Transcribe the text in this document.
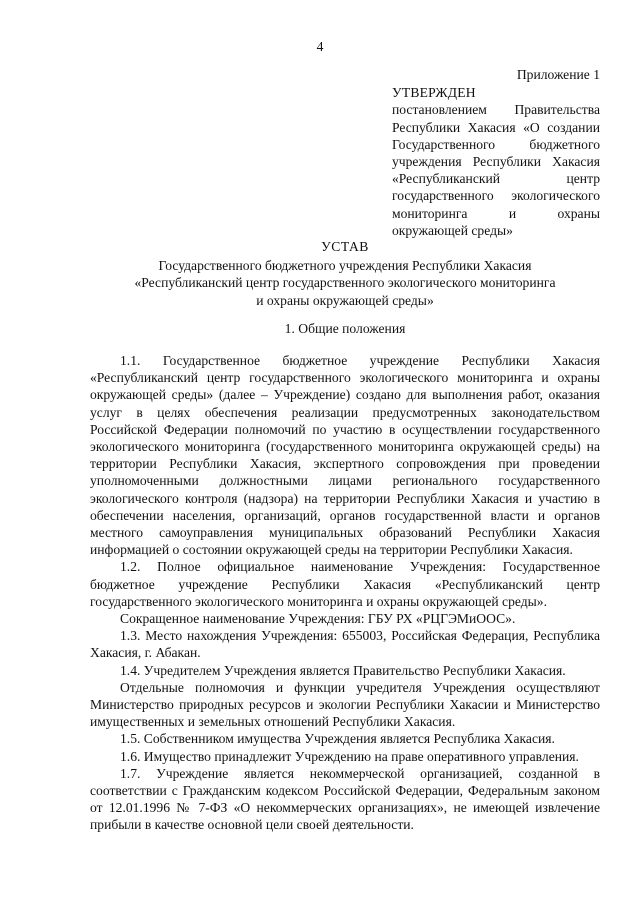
4
Приложение 1
УТВЕРЖДЕН
постановлением Правительства Республики Хакасия «О создании Государственного бюджетного учреждения Республики Хакасия «Республиканский центр государственного экологического мониторинга и охраны окружающей среды»
УСТАВ
Государственного бюджетного учреждения Республики Хакасия
«Республиканский центр государственного экологического мониторинга
и охраны окружающей среды»
1. Общие положения

1.1. Государственное бюджетное учреждение Республики Хакасия «Республиканский центр государственного экологического мониторинга и охраны окружающей среды» (далее – Учреждение) создано для выполнения работ, оказания услуг в целях обеспечения реализации предусмотренных законодательством Российской Федерации полномочий по участию в осуществлении государственного экологического мониторинга (государственного мониторинга окружающей среды) на территории Республики Хакасия, экспертного сопровождения при проведении уполномоченными должностными лицами регионального государственного экологического контроля (надзора) на территории Республики Хакасия и участию в обеспечении населения, организаций, органов государственной власти и органов местного самоуправления муниципальных образований Республики Хакасия информацией о состоянии окружающей среды на территории Республики Хакасия.

1.2. Полное официальное наименование Учреждения: Государственное бюджетное учреждение Республики Хакасия «Республиканский центр государственного экологического мониторинга и охраны окружающей среды».

Сокращенное наименование Учреждения: ГБУ РХ «РЦГЭМиООС».

1.3. Место нахождения Учреждения: 655003, Российская Федерация, Республика Хакасия, г. Абакан.

1.4. Учредителем Учреждения является Правительство Республики Хакасия.

Отдельные полномочия и функции учредителя Учреждения осуществляют Министерство природных ресурсов и экологии Республики Хакасии и Министерство имущественных и земельных отношений Республики Хакасия.

1.5. Собственником имущества Учреждения является Республика Хакасия.

1.6. Имущество принадлежит Учреждению на праве оперативного управления.

1.7. Учреждение является некоммерческой организацией, созданной в соответствии с Гражданским кодексом Российской Федерации, Федеральным законом от 12.01.1996 № 7-ФЗ «О некоммерческих организациях», не имеющей извлечение прибыли в качестве основной цели своей деятельности.
